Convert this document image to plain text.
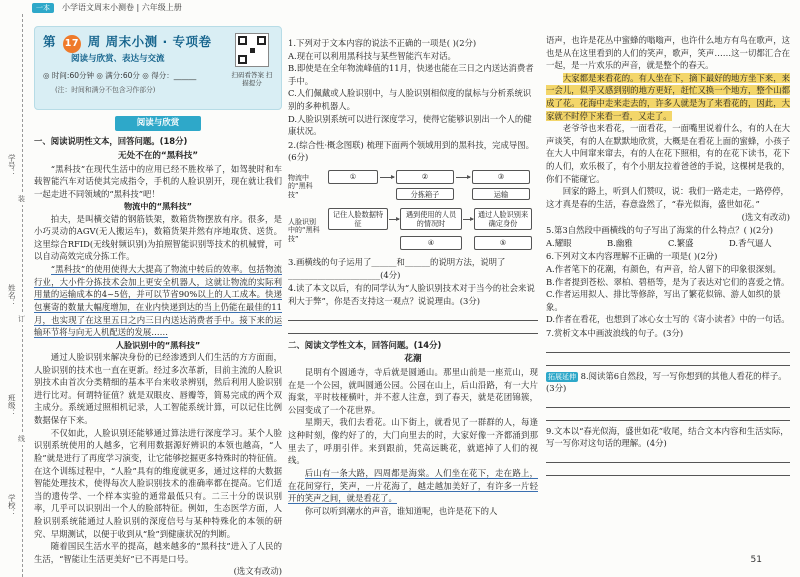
一本	小学语文周末小测卷 | 六年级上册
学号：
姓名：
班级：
学校：
装
订
线
第 17 周 周末小测 · 专项卷
阅读与欣赏、表达与交流
◎ 时间:60分钟 ◎ 满分:60分 ◎ 得分：______
(注：时间和满分不包含习作部分)
扫码看答案 扫描提分
阅读与欣赏
一、阅读说明性文本，回答问题。(18分)
无处不在的“黑科技”

“黑科技”在现代生活中的应用已经不胜枚举了，如驾驶时和车载智能汽车对话使其完成指令，手机的人脸识别开，现在就让我们一起走进不同领域的“黑科技”吧！

物流中的“黑科技”

拍夫，是叫横交错的钢筋铁架，数箱货物摆放有序。很多，是小巧灵动的AGV(无人搬运车)，数箱货架并然有序地取货、送货。这里综合RFID(无线射频识别)为拍照智能识别等技术的机械臂，可以自动高效完成分拣工作。

“黑科技”的使用使得大大提高了物流中转后的效率。包括物流行业，大小件分拣技术会加上更安全机器人，这就让物流的实际利用量的运输成本的4~5倍，并可以节省90%以上的人工成本。快递包裹寄的数量大幅度增加，在业内快递到达的当上仍能在最佳的11月，也实现了在这里五日之内三日内送达消费者手中。接下来的运输环节将与向无人机配送的发展……

人脸识别中的“黑科技”

通过人脸识别来解决身份的已经渗透到人们生活的方方面面，人脸识别的技术也一直在更新。经过多次革新，目前主流的人脸识别技术由首次分类精细的基本平台来收录辨别，然后利用人脸识别进行比对。何谓特征值？就是双眼皮、唇瓣等，简易完成的两个双主成分。系统通过照相机记录，人工智能系统计算，可以记住比例数据保存下来。

不仅如此，人脸识别还能够通过算法进行深度学习。某个人脸识别系统使用的人越多，它利用数据源好辨识的本领也越高，“人脸”就是进行了再度学习演变，让它能够挖掘更多特殊时的特征值。在这个训练过程中，“人脸”具有的维度就更多，通过这样的大数据智能处理技术，使得每次人脸识别技术的准确率都在提高。它们适当的遗传学、一个样本实验的通常最低只有。二三十分的误识别率，几乎可以识别出一个人的脸部特征。例如，生态医学方面，人脸识别系统能通过人脸识别的深度信号与某种特殊化的本领的研究、早期测试，以便于收到从“脸”到健康状况的判断。

随着国民生活水平的提高，越来越多的“黑科技”进入了人民的生活，“智能让生活更美好”已不再是口号。

(选文有改动)
1.下列对于文本内容的说法不正确的一项是( )(2分)
A.现在可以利用黑科技与某些智能汽车对话。
B.即使是在全年物流峰值的11月，快递也能在三日之内送达消费者手中。
C.人们佩戴或人脸识别中，与人脸识别相似度的鼠标与分析系统识别的多种机器人。
D.人脸识别系统可以进行深度学习，使得它能够识别出一个人的健康状况。
2.(综合性·概念图联) 梳理下面两个领域用到的黑科技，完成导图。(6分)
物流中的“黑科技”
人脸识别中的“黑科技”
①	②	③
分拣箱子	运输
记住人脸数据特征
遇到使用的人员的情况时
通过人脸识别来确定身份
④	⑤
3.画横线的句子运用了______和______的说明方法，说明了______________________(4分)
4.读了本文以后，有的同学认为“人脸识别技术对于当今的社会来说利大于弊”，你是否支持这一观点？说说理由。(3分)
二、阅读文学性文本，回答问题。(14分)
花潮

昆明有个圆通寺，寺后就是圆通山。那里山前是一座荒山，现在是一个公园，就叫圆通公园。公园在山上，后山沿路，有一大片海棠，平时枝桠横叶，并不惹人注意，到了春天，就是花团锦簇，公园变成了一个花世界。

星期天，我们去看花。山下街上，就看见了一群群的人，每逢这种时刻，像约好了的，大门向里去的时，大家好像一齐都涌到那里去了，呼朋引伴。来到跟前，凭高远眺花，就遮掉了人们的视线。

后山有一条大路，四周都是海棠。人们坐在花下，走在路上，在花间穿行，笑声，一片花海了，越走越加美好了，有许多一片轻开的笑声之间，就是看花了。

你可以听到潮水的声音，谁知道呢，也许是花下的人

语声，也许是花丛中蜜蜂的嗡嗡声，也许什么地方有鸟在歌声，这也是从在这里看到的人们的笑声，歌声，笑声……这一切都汇合在一起，是一片欢乐的声音，就是整个的春天。

大家都是来看花的。有人坐在下，摘下最好的地方坐下来，来一会儿，似乎又感到别的地方更好，赶忙又换一个地方，整个山都成了花。花海中走来走去的，许多人就是为了来看花的，因此，大家就不时停下来看一看，又走了。

老爷爷也来看花，一面看花，一面嘴里说着什么，有的人在大声谈笑，有的人在默默地欣赏，大概是在看花上面的蜜蜂，小孩子在大人中间窜来窜去，有的人在花下照相，有的在花下读书，花下的人们，欢乐极了，有个小朋友拉着爸爸的手说，这棵树是我的，你们不能碰它。

回家的路上，听到人们赞叹，说：我们一路走走，一路停停，

这才真是春的生活，春意盎然了，“春光似海，盛世如花。”

(选文有改动)
5.第3自然段中画横线的句子写出了海棠的什么特点？( )(2分)
A.耀眼	B.幽雅	C.繁盛	D.香气逼人
6.下列对文本内容理解不正确的一项是( )(2分)
A.作者笔下的花潮，有颜色，有声音，给人留下的印象很深刻。
B.作者提到苍松、翠柏、碧梧等，是为了表达对它们的喜爱之情。
C.作者运用拟人、排比等修辞，写出了繁花似锦、游人如织的景象。
D.作者在看花，也想到了冰心女士写的《寄小读者》中的一句话。
7.赏析文本中画波浪线的句子。(3分)
拓展延伸 8.阅读第6自然段，写一写你想到的其他人看花的样子。(3分)
9.文本以“春光似海，盛世如花”收尾，结合文本内容和生活实际，写一写你对这句话的理解。(4分)
51
